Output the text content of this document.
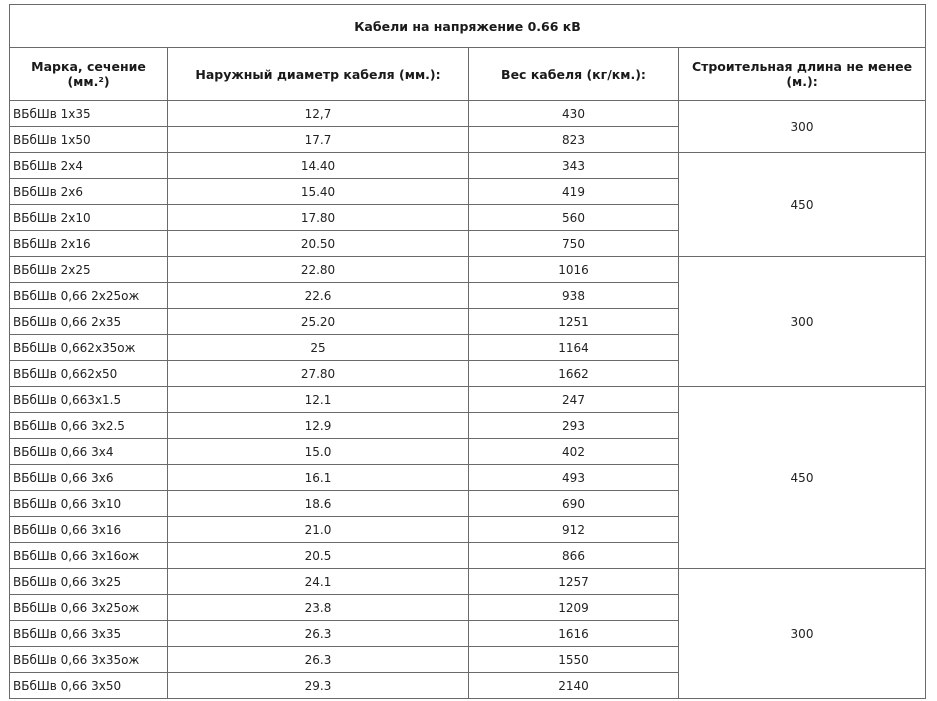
Кабели на напряжение 0.66 кВ			
Марка, сечение (мм.²)	Наружный диаметр кабеля (мм.):	Вес кабеля (кг/км.):	Строительная длина не менее (м.):
ВБбШв 1х35	12,7	430	300
ВБбШв 1х50	17.7	823	
ВБбШв 2х4	14.40	343	450
ВБбШв 2х6	15.40	419	
ВБбШв 2х10	17.80	560	
ВБбШв 2х16	20.50	750	
ВБбШв 2х25	22.80	1016	300
ВБбШв 0,66 2х25ож	22.6	938	
ВБбШв 0,66 2х35	25.20	1251	
ВБбШв 0,662х35ож	25	1164	
ВБбШв 0,662х50	27.80	1662	
ВБбШв 0,663х1.5	12.1	247	450
ВБбШв 0,66 3х2.5	12.9	293	
ВБбШв 0,66 3х4	15.0	402	
ВБбШв 0,66 3х6	16.1	493	
ВБбШв 0,66 3х10	18.6	690	
ВБбШв 0,66 3х16	21.0	912	
ВБбШв 0,66 3х16ож	20.5	866	
ВБбШв 0,66 3х25	24.1	1257	300
ВБбШв 0,66 3х25ож	23.8	1209	
ВБбШв 0,66 3х35	26.3	1616	
ВБбШв 0,66 3х35ож	26.3	1550	
ВБбШв 0,66 3х50	29.3	2140	
